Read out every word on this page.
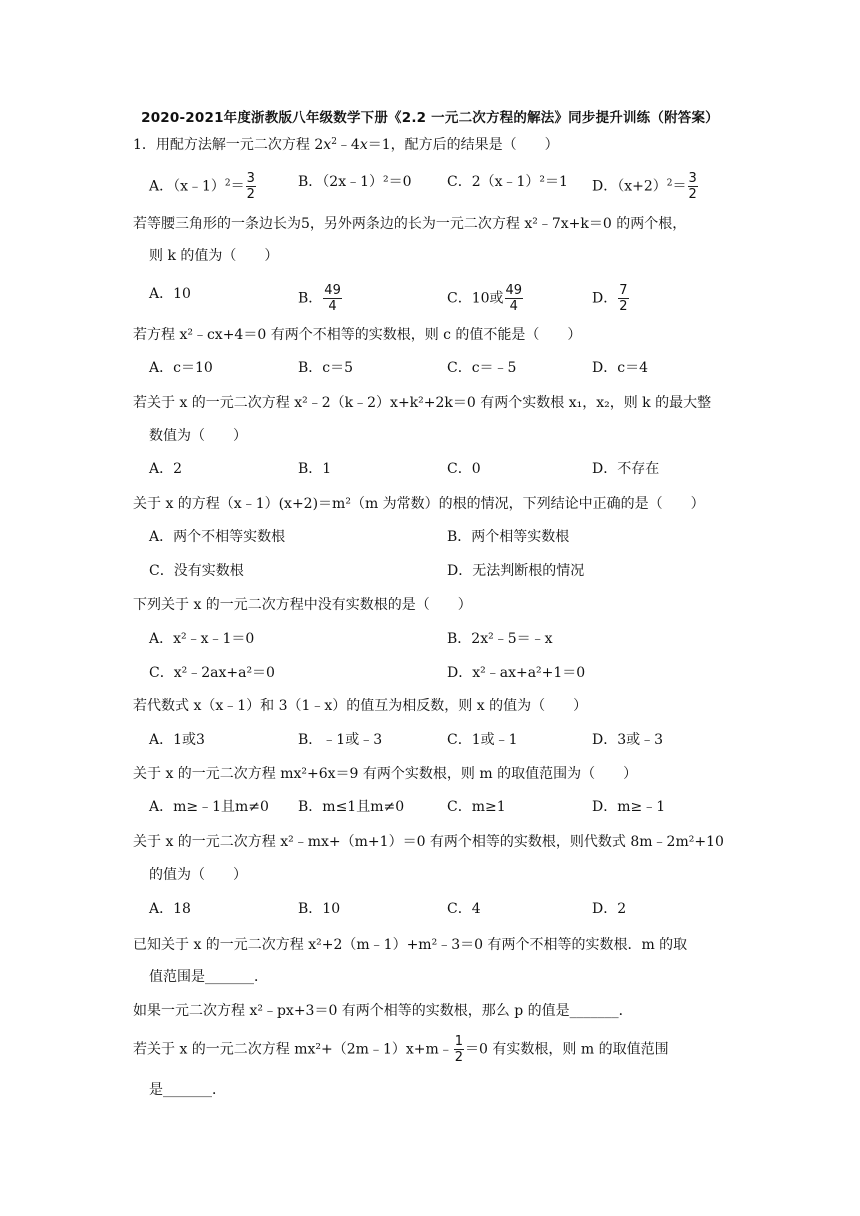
2020-2021年度浙教版八年级数学下册《2.2 一元二次方程的解法》同步提升训练（附答案）
1．用配方法解一元二次方程 $2x^2﹣4x=1$，配方后的结果是（　　）
A．（x﹣1）$^2$＝ $\frac{3}{2}$	B．（2x﹣1）²＝0	C．2（x﹣1）²＝1 D．$(x+2)^2= \frac{3}{2}$
若等腰三角形的一条边长为5，另外两条边的长为一元二次方程 x²﹣7x+k＝0 的两个根，
则 k 的值为（　　）
A．10	B． $\frac{49}{4}$	C．10或 $\frac{49}{4}$	D． $\frac{7}{2}$
若方程 x²﹣cx+4＝0 有两个不相等的实数根，则 c 的值不能是（　　）
A．c＝10	B．c＝5	C．c＝﹣5	D．c＝4
若关于 x 的一元二次方程 x²﹣2（k﹣2）x+k²+2k＝0 有两个实数根 x₁，x₂，则 k 的最大整
数值为（　　）
A．2	B．1	C．0	D．不存在
关于 x 的方程（x﹣1）(x+2)＝m²（m 为常数）的根的情况，下列结论中正确的是（　　）
A．两个不相等实数根	B．两个相等实数根
C．没有实数根	D．无法判断根的情况
下列关于 x 的一元二次方程中没有实数根的是（　　）
A．x²﹣x﹣1＝0	B．2x²﹣5＝﹣x
C．x²﹣2ax+a²＝0	D．x²﹣ax+a²+1＝0
若代数式 x（x﹣1）和 3（1﹣x）的值互为相反数，则 x 的值为（　　）
A．1或3	B．﹣1或﹣3	C．1或﹣1	D．3或﹣3
关于 x 的一元二次方程 mx²+6x＝9 有两个实数根，则 m 的取值范围为（　　）
A．m≥﹣1且m≠0 B．m≤1且m≠0	C．m≥1	D．m≥﹣1
关于 x 的一元二次方程 x²﹣mx+（m+1）＝0 有两个相等的实数根，则代数式 8m﹣2m²+10
的值为（　　）
A．18	B．10	C．4	D．2
已知关于 x 的一元二次方程 x²+2（m﹣1）+m²﹣3＝0 有两个不相等的实数根．m 的取
值范围是_______．
如果一元二次方程 x²﹣px+3＝0 有两个相等的实数根，那么 p 的值是_______．
若关于 x 的一元二次方程 mx²+（2m﹣1）x+m﹣ $\frac{1}{2} =0$ 有实数根，则 m 的取值范围
是_______．
